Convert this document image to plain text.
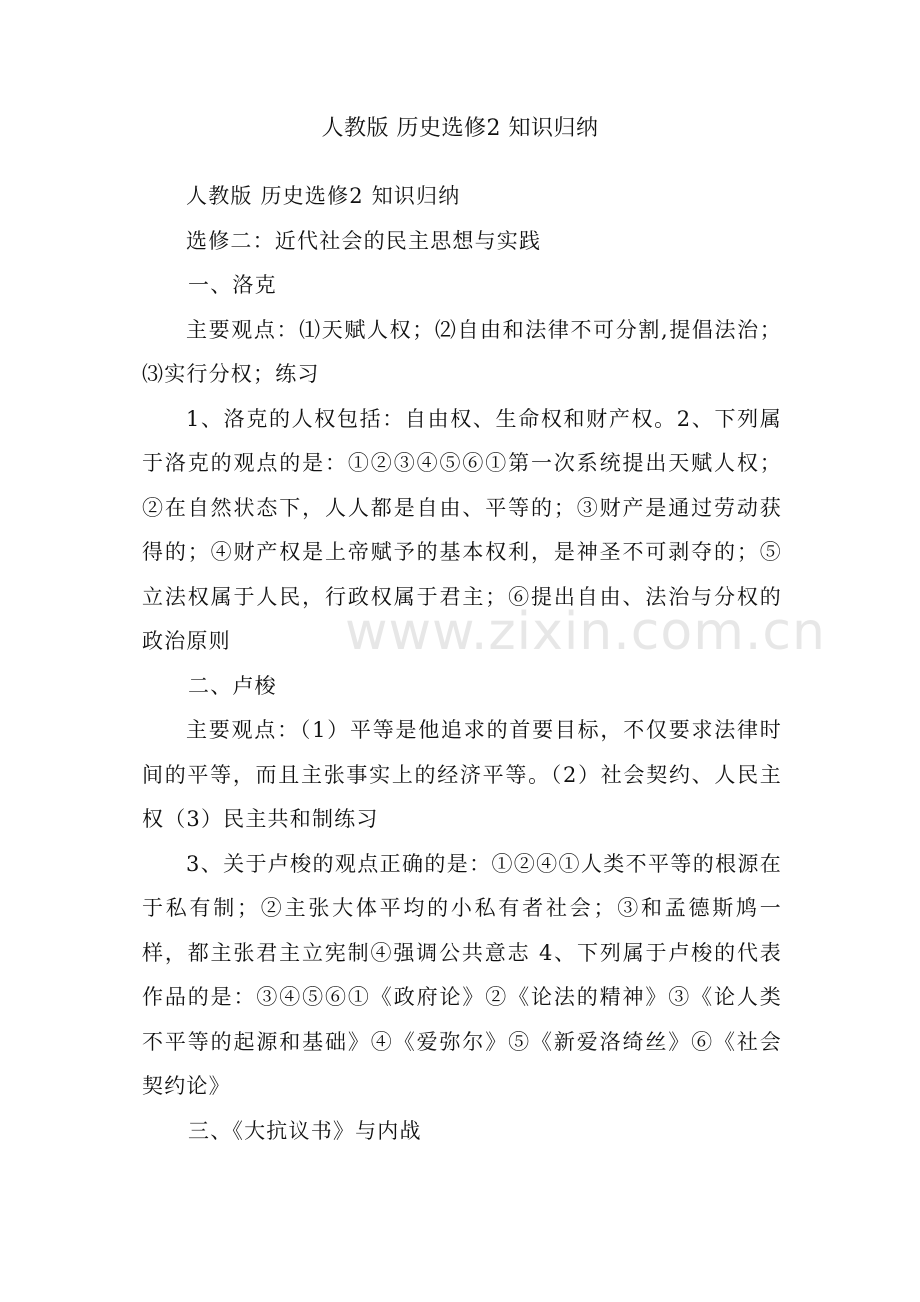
人教版 历史选修2 知识归纳

人教版 历史选修2 知识归纳

选修二：近代社会的民主思想与实践

一、洛克

主要观点：⑴天赋人权；⑵自由和法律不可分割,提倡法治；⑶实行分权；练习

1、洛克的人权包括：自由权、生命权和财产权。2、下列属于洛克的观点的是：①②③④⑤⑥①第一次系统提出天赋人权；②在自然状态下，人人都是自由、平等的；③财产是通过劳动获得的；④财产权是上帝赋予的基本权利，是神圣不可剥夺的；⑤立法权属于人民，行政权属于君主；⑥提出自由、法治与分权的政治原则

二、卢梭

主要观点：（1）平等是他追求的首要目标，不仅要求法律时间的平等，而且主张事实上的经济平等。（2）社会契约、人民主权（3）民主共和制练习

3、关于卢梭的观点正确的是：①②④①人类不平等的根源在于私有制；②主张大体平均的小私有者社会；③和孟德斯鸠一样，都主张君主立宪制④强调公共意志 4、下列属于卢梭的代表作品的是：③④⑤⑥①《政府论》②《论法的精神》③《论人类不平等的起源和基础》④《爱弥尔》⑤《新爱洛绮丝》⑥《社会契约论》

三、《大抗议书》与内战

www.zixin.com.cn
